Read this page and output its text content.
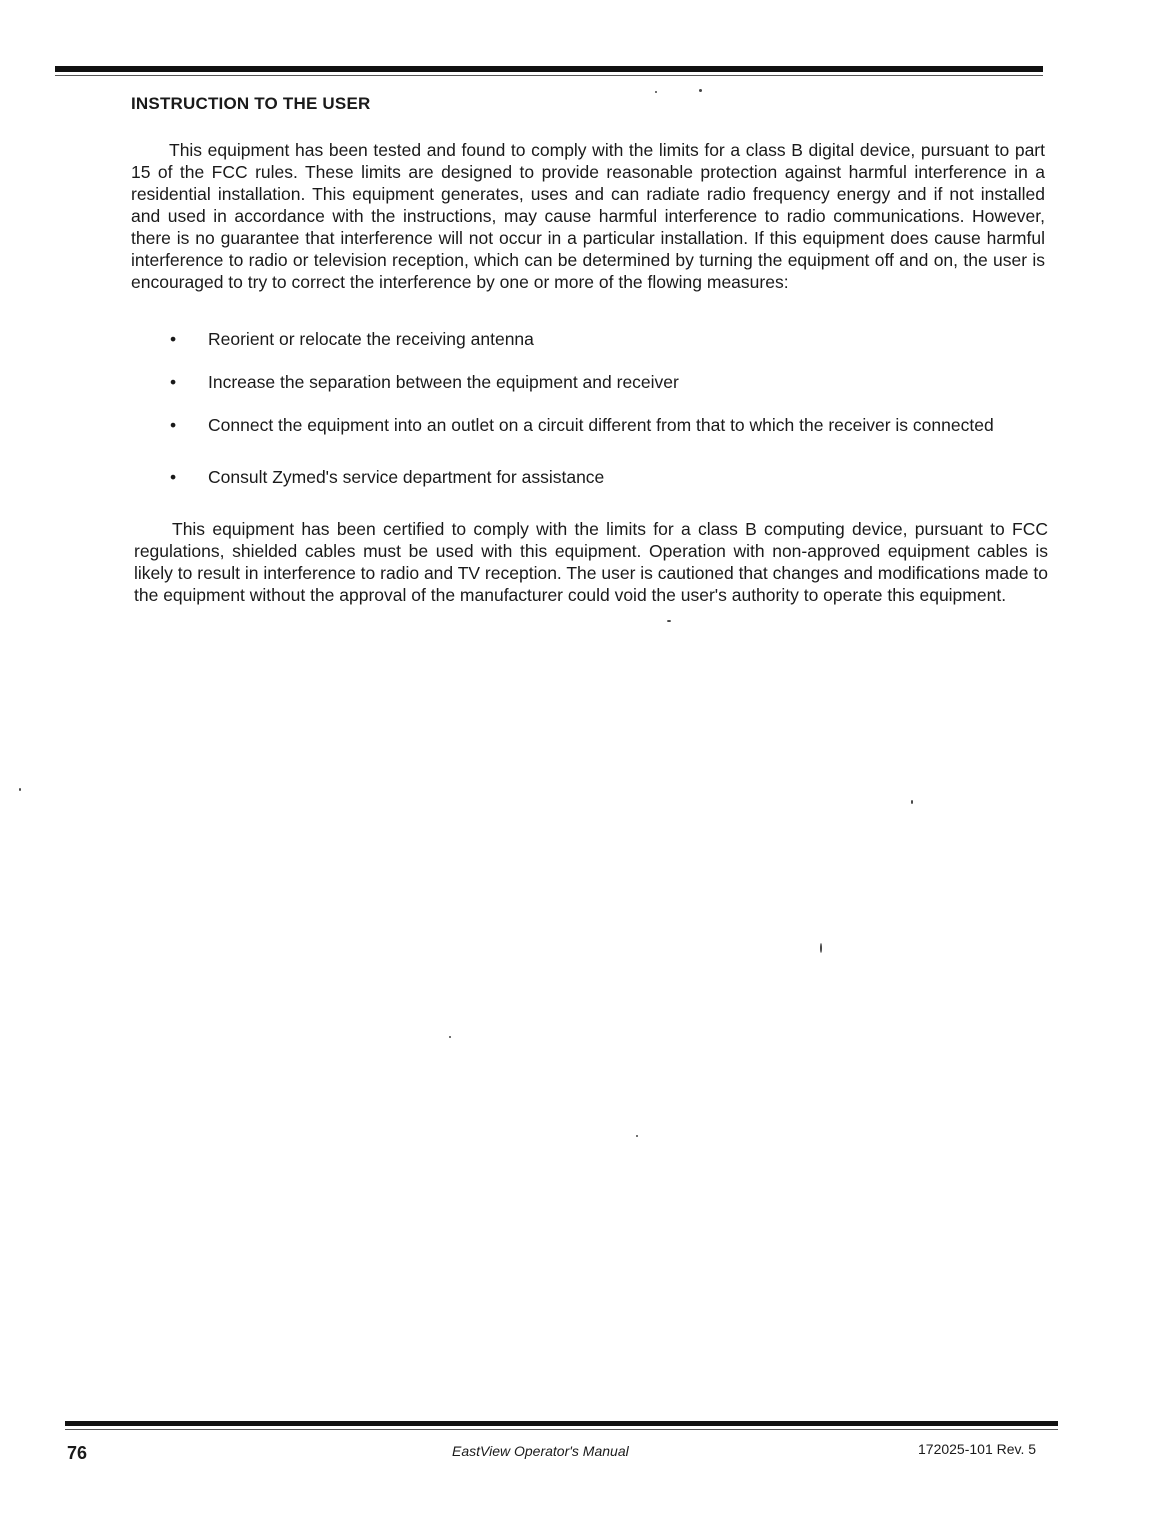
INSTRUCTION TO THE USER

This equipment has been tested and found to comply with the limits for a class B digital device, pursuant to part 15 of the FCC rules. These limits are designed to provide reasonable protection against harmful interference in a residential installation. This equipment generates, uses and can radiate radio frequency energy and if not installed and used in accordance with the instructions, may cause harmful interference to radio communications. However, there is no guarantee that interference will not occur in a particular installation. If this equipment does cause harmful interference to radio or television reception, which can be determined by turning the equipment off and on, the user is encouraged to try to correct the interference by one or more of the flowing measures:

• Reorient or relocate the receiving antenna
• Increase the separation between the equipment and receiver
• Connect the equipment into an outlet on a circuit different from that to which the receiver is connected
• Consult Zymed's service department for assistance

This equipment has been certified to comply with the limits for a class B computing device, pursuant to FCC regulations, shielded cables must be used with this equipment. Operation with non-approved equipment cables is likely to result in interference to radio and TV reception. The user is cautioned that changes and modifications made to the equipment without the approval of the manufacturer could void the user's authority to operate this equipment.

76	EastView Operator's Manual	172025-101 Rev. 5
